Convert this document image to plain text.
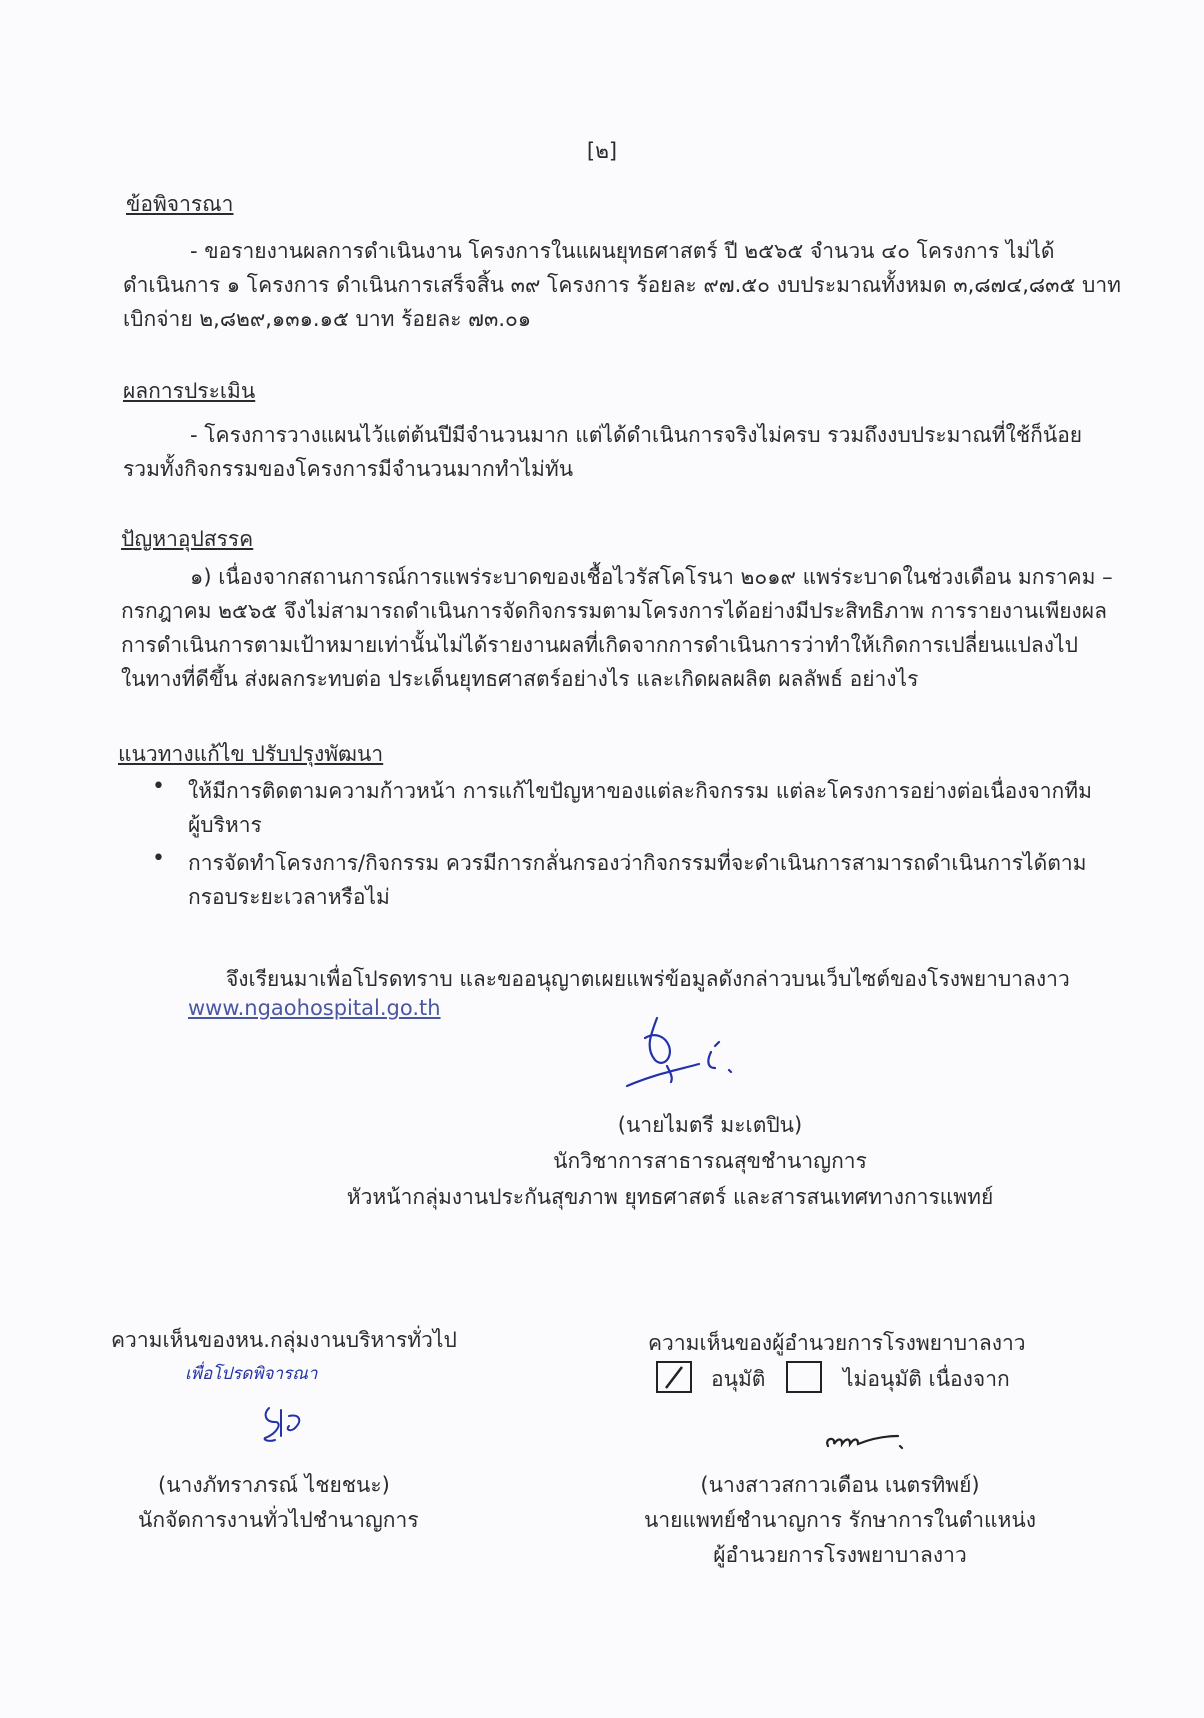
[๒]
ข้อพิจารณา
- ขอรายงานผลการดำเนินงาน โครงการในแผนยุทธศาสตร์ ปี ๒๕๖๕ จำนวน ๔๐ โครงการ ไม่ได้
ดำเนินการ ๑ โครงการ ดำเนินการเสร็จสิ้น ๓๙ โครงการ ร้อยละ ๙๗.๕๐ งบประมาณทั้งหมด ๓,๘๗๔,๘๓๕ บาท
เบิกจ่าย ๒,๘๒๙,๑๓๑.๑๕ บาท ร้อยละ ๗๓.๐๑
ผลการประเมิน
- โครงการวางแผนไว้แต่ต้นปีมีจำนวนมาก แต่ได้ดำเนินการจริงไม่ครบ รวมถึงงบประมาณที่ใช้ก็น้อย
รวมทั้งกิจกรรมของโครงการมีจำนวนมากทำไม่ทัน
ปัญหาอุปสรรค
๑) เนื่องจากสถานการณ์การแพร่ระบาดของเชื้อไวรัสโคโรนา ๒๐๑๙ แพร่ระบาดในช่วงเดือน มกราคม –
กรกฎาคม ๒๕๖๕ จึงไม่สามารถดำเนินการจัดกิจกรรมตามโครงการได้อย่างมีประสิทธิภาพ การรายงานเพียงผล
การดำเนินการตามเป้าหมายเท่านั้นไม่ได้รายงานผลที่เกิดจากการดำเนินการว่าทำให้เกิดการเปลี่ยนแปลงไป
ในทางที่ดีขึ้น ส่งผลกระทบต่อ ประเด็นยุทธศาสตร์อย่างไร และเกิดผลผลิต ผลลัพธ์ อย่างไร
แนวทางแก้ไข ปรับปรุงพัฒนา
• ให้มีการติดตามความก้าวหน้า การแก้ไขปัญหาของแต่ละกิจกรรม แต่ละโครงการอย่างต่อเนื่องจากทีม
ผู้บริหาร
• การจัดทำโครงการ/กิจกรรม ควรมีการกลั่นกรองว่ากิจกรรมที่จะดำเนินการสามารถดำเนินการได้ตาม
กรอบระยะเวลาหรือไม่
จึงเรียนมาเพื่อโปรดทราบ และขออนุญาตเผยแพร่ข้อมูลดังกล่าวบนเว็บไซต์ของโรงพยาบาลงาว
www.ngaohospital.go.th
(นายไมตรี มะเตปิน)
นักวิชาการสาธารณสุขชำนาญการ
หัวหน้ากลุ่มงานประกันสุขภาพ ยุทธศาสตร์ และสารสนเทศทางการแพทย์
ความเห็นของหน.กลุ่มงานบริหารทั่วไป
เพื่อโปรดพิจารณา
(นางภัทราภรณ์ ไชยชนะ)
นักจัดการงานทั่วไปชำนาญการ
ความเห็นของผู้อำนวยการโรงพยาบาลงาว
อนุมัติ	ไม่อนุมัติ เนื่องจาก
(นางสาวสกาวเดือน เนตรทิพย์)
นายแพทย์ชำนาญการ รักษาการในตำแหน่ง
ผู้อำนวยการโรงพยาบาลงาว
